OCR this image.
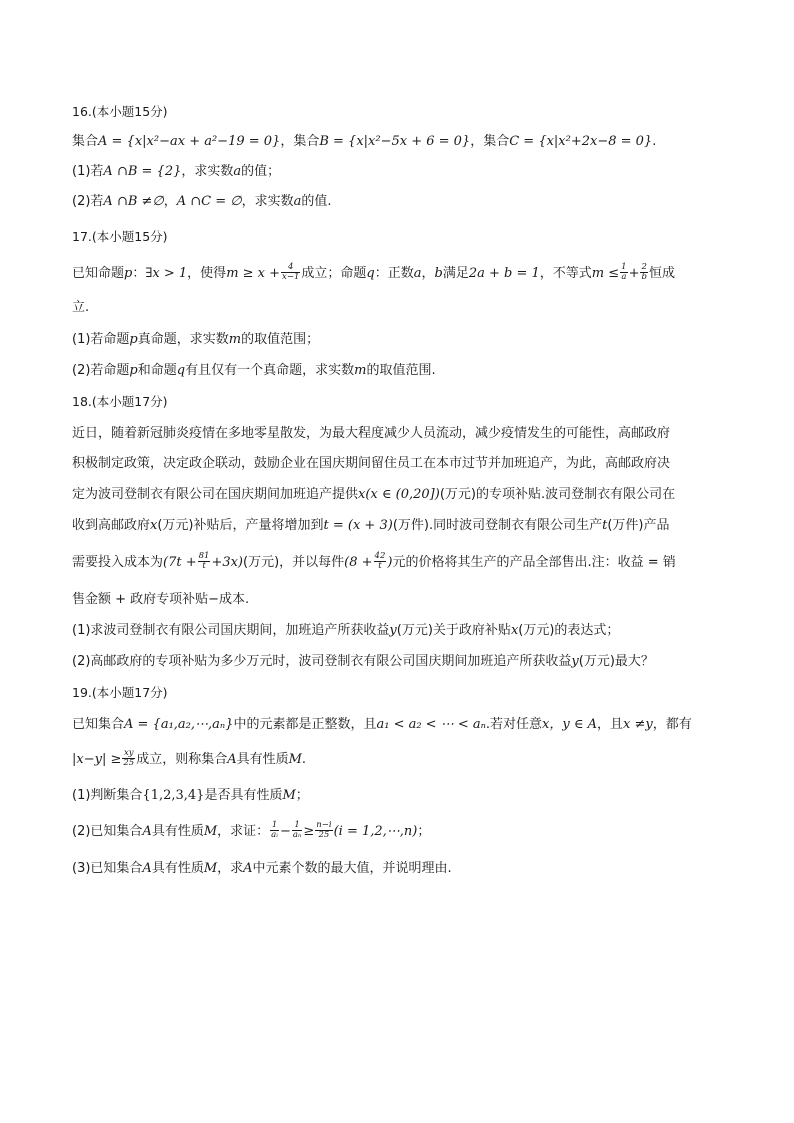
16.(本小题15分)
集合A = {x|x²−ax + a²−19 = 0}，集合B = {x|x²−5x + 6 = 0}，集合C = {x|x²+2x−8 = 0}.
(1)若A ∩B = {2}，求实数a的值；
(2)若A ∩B ≠∅，A ∩C = ∅，求实数a的值.
17.(本小题15分)
已知命题p：∃x > 1，使得$m \ge x + \frac{4}{x-1}$ 成立；命题q：正数a，b满足2a + b = 1，不等式$m \le \frac{1}{a} + \frac{2}{b}$ 恒成
立.
(1)若命题p真命题，求实数m的取值范围；
(2)若命题p和命题q有且仅有一个真命题，求实数m的取值范围.
18.(本小题17分)
近日，随着新冠肺炎疫情在多地零星散发，为最大程度减少人员流动，减少疫情发生的可能性，高邮政府
积极制定政策，决定政企联动，鼓励企业在国庆期间留住员工在本市过节并加班追产，为此，高邮政府决
定为波司登制衣有限公司在国庆期间加班追产提供x(x ∈ (0,20])(万元)的专项补贴.波司登制衣有限公司在
收到高邮政府x(万元)补贴后，产量将增加到t = (x + 3)(万件).同时波司登制衣有限公司生产t(万件)产品
需要投入成本为$(7t + \frac{81}{t} +3x)$(万元)，并以每件($8 + \frac{42}{t}$ )元的价格将其生产的产品全部售出.注：收益 = 销
售金额 + 政府专项补贴−成本.
(1)求波司登制衣有限公司国庆期间，加班追产所获收益y(万元)关于政府补贴x(万元)的表达式；
(2)高邮政府的专项补贴为多少万元时，波司登制衣有限公司国庆期间加班追产所获收益y(万元)最大？
19.(本小题17分)
已知集合A = {a₁,a₂,⋯,aₙ}中的元素都是正整数，且a₁ < a₂ < ⋯ < aₙ.若对任意x，y ∈ A，且x ≠y，都有
$|x-y| \ge \frac{xy}{25}$ 成立，则称集合A具有性质M.
(1)判断集合{1,2,3,4}是否具有性质M；
(2)已知集合A具有性质M，求证： $\frac{1}{\text{aᵢ}} - \frac{1}{\text{aₙ}} \ge \frac{n-i}{25} (i$ = 1,2,⋯,n)；
(3)已知集合A具有性质M，求A中元素个数的最大值，并说明理由.
